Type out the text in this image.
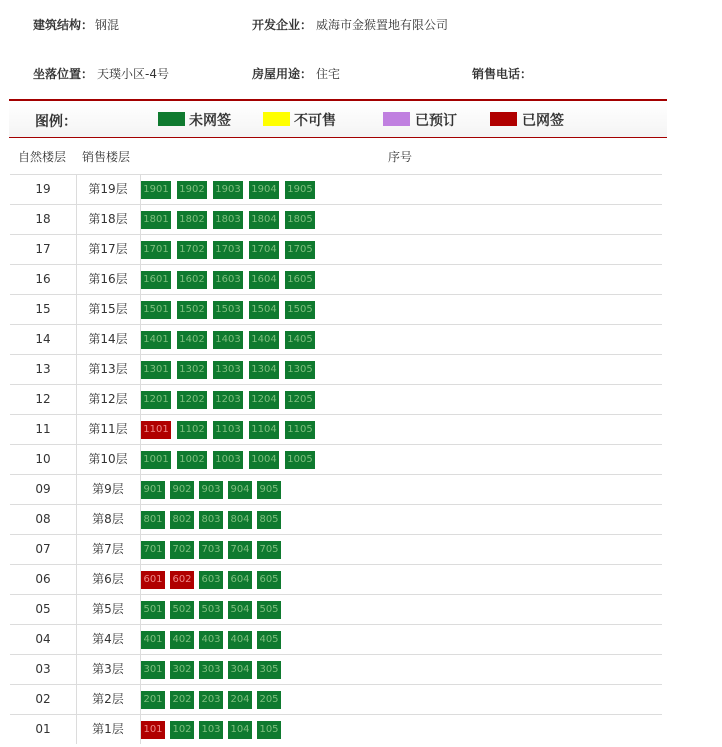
建筑结构： 钢混	开发企业： 威海市金猴置地有限公司
坐落位置： 天璞小区-4号	房屋用途： 住宅	销售电话：
图例：	未网签	不可售	已预订	已网签
自然楼层 销售楼层	序号
19	第19层	1901 1902 1903 1904 1905
18	第18层	1801 1802 1803 1804 1805
17	第17层	1701 1702 1703 1704 1705
16	第16层	1601 1602 1603 1604 1605
15	第15层	1501 1502 1503 1504 1505
14	第14层	1401 1402 1403 1404 1405
13	第13层	1301 1302 1303 1304 1305
12	第12层	1201 1202 1203 1204 1205
11	第11层	1101 1102 1103 1104 1105
10	第10层	1001 1002 1003 1004 1005
09	第9层	901 902 903 904 905
08	第8层	801 802 803 804 805
07	第7层	701 702 703 704 705
06	第6层	601 602 603 604 605
05	第5层	501 502 503 504 505
04	第4层	401 402 403 404 405
03	第3层	301 302 303 304 305
02	第2层	201 202 203 204 205
01	第1层	101 102 103 104 105
